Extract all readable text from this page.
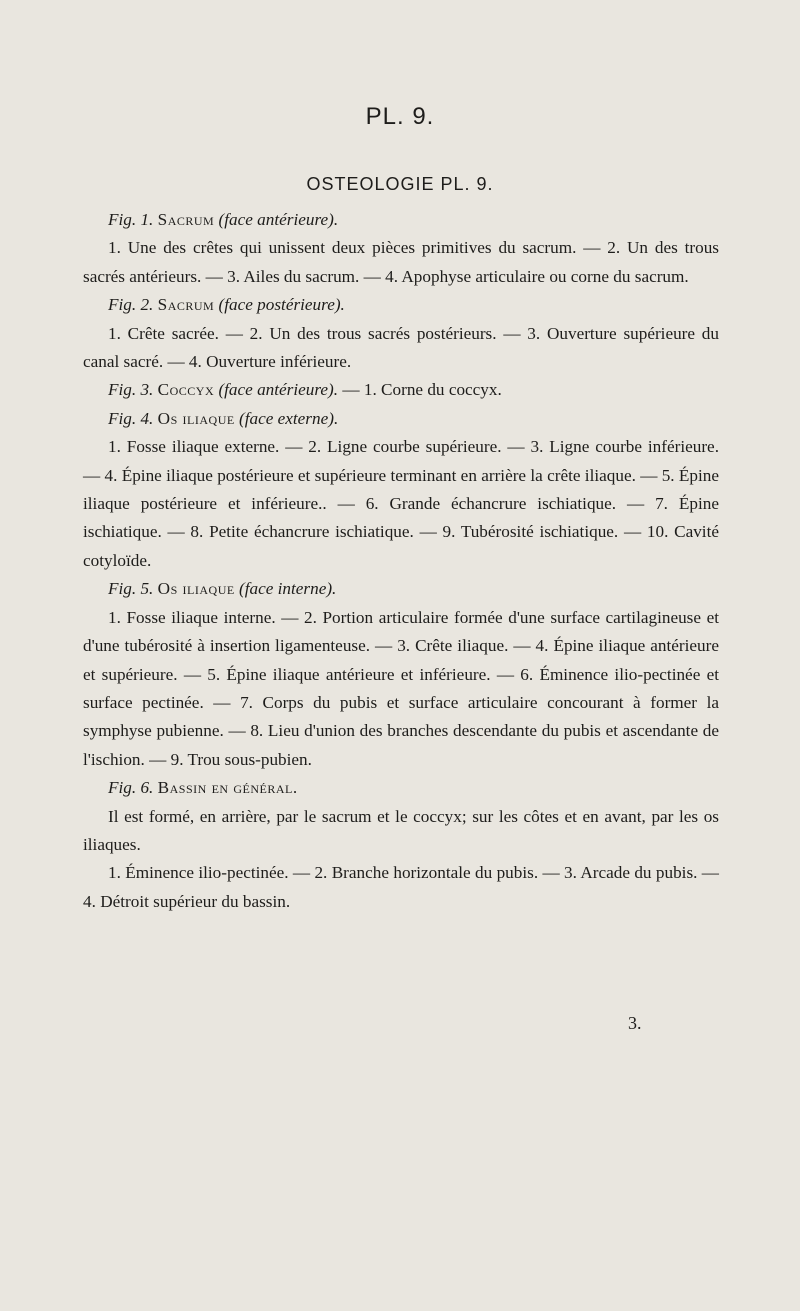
PL. 9.
OSTEOLOGIE PL. 9.

Fig. 1. Sacrum (face antérieure).

1. Une des crêtes qui unissent deux pièces primitives du sacrum. — 2. Un des trous sacrés antérieurs. — 3. Ailes du sacrum. — 4. Apophyse articulaire ou corne du sacrum.

Fig. 2. Sacrum (face postérieure).

1. Crête sacrée. — 2. Un des trous sacrés postérieurs. — 3. Ouverture supérieure du canal sacré. — 4. Ouverture inférieure.

Fig. 3. Coccyx (face antérieure). — 1. Corne du coccyx.

Fig. 4. Os iliaque (face externe).

1. Fosse iliaque externe. — 2. Ligne courbe supérieure. — 3. Ligne courbe inférieure. — 4. Épine iliaque postérieure et supérieure terminant en arrière la crête iliaque. — 5. Épine iliaque postérieure et inférieure.. — 6. Grande échancrure ischiatique. — 7. Épine ischiatique. — 8. Petite échancrure ischiatique. — 9. Tubérosité ischiatique. — 10. Cavité cotyloïde.

Fig. 5. Os iliaque (face interne).

1. Fosse iliaque interne. — 2. Portion articulaire formée d'une surface cartilagineuse et d'une tubérosité à insertion ligamenteuse. — 3. Crête iliaque. — 4. Épine iliaque antérieure et supérieure. — 5. Épine iliaque antérieure et inférieure. — 6. Éminence ilio-pectinée et surface pectinée. — 7. Corps du pubis et surface articulaire concourant à former la symphyse pubienne. — 8. Lieu d'union des branches descendante du pubis et ascendante de l'ischion. — 9. Trou sous-pubien.

Fig. 6. Bassin en général.

Il est formé, en arrière, par le sacrum et le coccyx; sur les côtes et en avant, par les os iliaques.

1. Éminence ilio-pectinée. — 2. Branche horizontale du pubis. — 3. Arcade du pubis. — 4. Détroit supérieur du bassin.

3.
